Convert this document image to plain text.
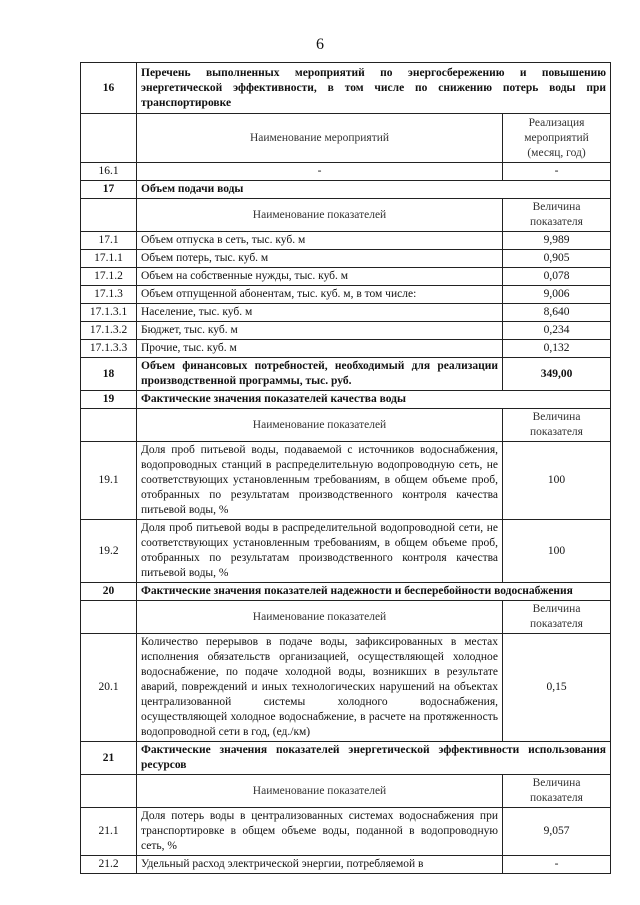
6
16	Перечень выполненных мероприятий по энергосбережению и повышению энергетической эффективности, в том числе по снижению потерь воды при транспортировке	
	Наименование мероприятий	Реализация мероприятий (месяц, год)
16.1	-	-
17	Объем подачи воды	
	Наименование показателей	Величина показателя
17.1	Объем отпуска в сеть, тыс. куб. м	9,989
17.1.1	Объем потерь, тыс. куб. м	0,905
17.1.2	Объем на собственные нужды, тыс. куб. м	0,078
17.1.3	Объем отпущенной абонентам, тыс. куб. м, в том числе:	9,006
17.1.3.1	Население, тыс. куб. м	8,640
17.1.3.2	Бюджет, тыс. куб. м	0,234
17.1.3.3	Прочие, тыс. куб. м	0,132
18	Объем финансовых потребностей, необходимый для реализации производственной программы, тыс. руб.	349,00
19	Фактические значения показателей качества воды	
	Наименование показателей	Величина показателя
19.1	Доля проб питьевой воды, подаваемой с источников водоснабжения, водопроводных станций в распределительную водопроводную сеть, не соответствующих установленным требованиям, в общем объеме проб, отобранных по результатам производственного контроля качества питьевой воды, %	100
19.2	Доля проб питьевой воды в распределительной водопроводной сети, не соответствующих установленным требованиям, в общем объеме проб, отобранных по результатам производственного контроля качества питьевой воды, %	100
20	Фактические значения показателей надежности и бесперебойности водоснабжения	
	Наименование показателей	Величина показателя
20.1	Количество перерывов в подаче воды, зафиксированных в местах исполнения обязательств организацией, осуществляющей холодное водоснабжение, по подаче холодной воды, возникших в результате аварий, повреждений и иных технологических нарушений на объектах централизованной системы холодного водоснабжения, осуществляющей холодное водоснабжение, в расчете на протяженность водопроводной сети в год, (ед./км)	0,15
21	Фактические значения показателей энергетической эффективности использования ресурсов	
	Наименование показателей	Величина показателя
21.1	Доля потерь воды в централизованных системах водоснабжения при транспортировке в общем объеме воды, поданной в водопроводную сеть, %	9,057
21.2	Удельный расход электрической энергии, потребляемой в	-
